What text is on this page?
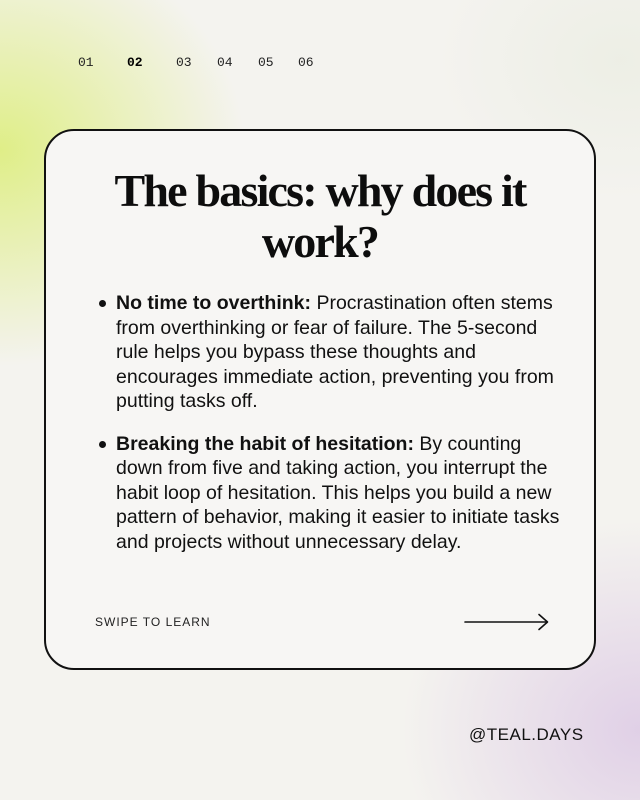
01	02	03 04 05 06
The basics: why does it work?
No time to overthink: Procrastination often stems from overthinking or fear of failure. The 5-second rule helps you bypass these thoughts and encourages immediate action, preventing you from putting tasks off.
Breaking the habit of hesitation: By counting down from five and taking action, you interrupt the habit loop of hesitation. This helps you build a new pattern of behavior, making it easier to initiate tasks and projects without unnecessary delay.
SWIPE TO LEARN
@TEAL.DAYS
